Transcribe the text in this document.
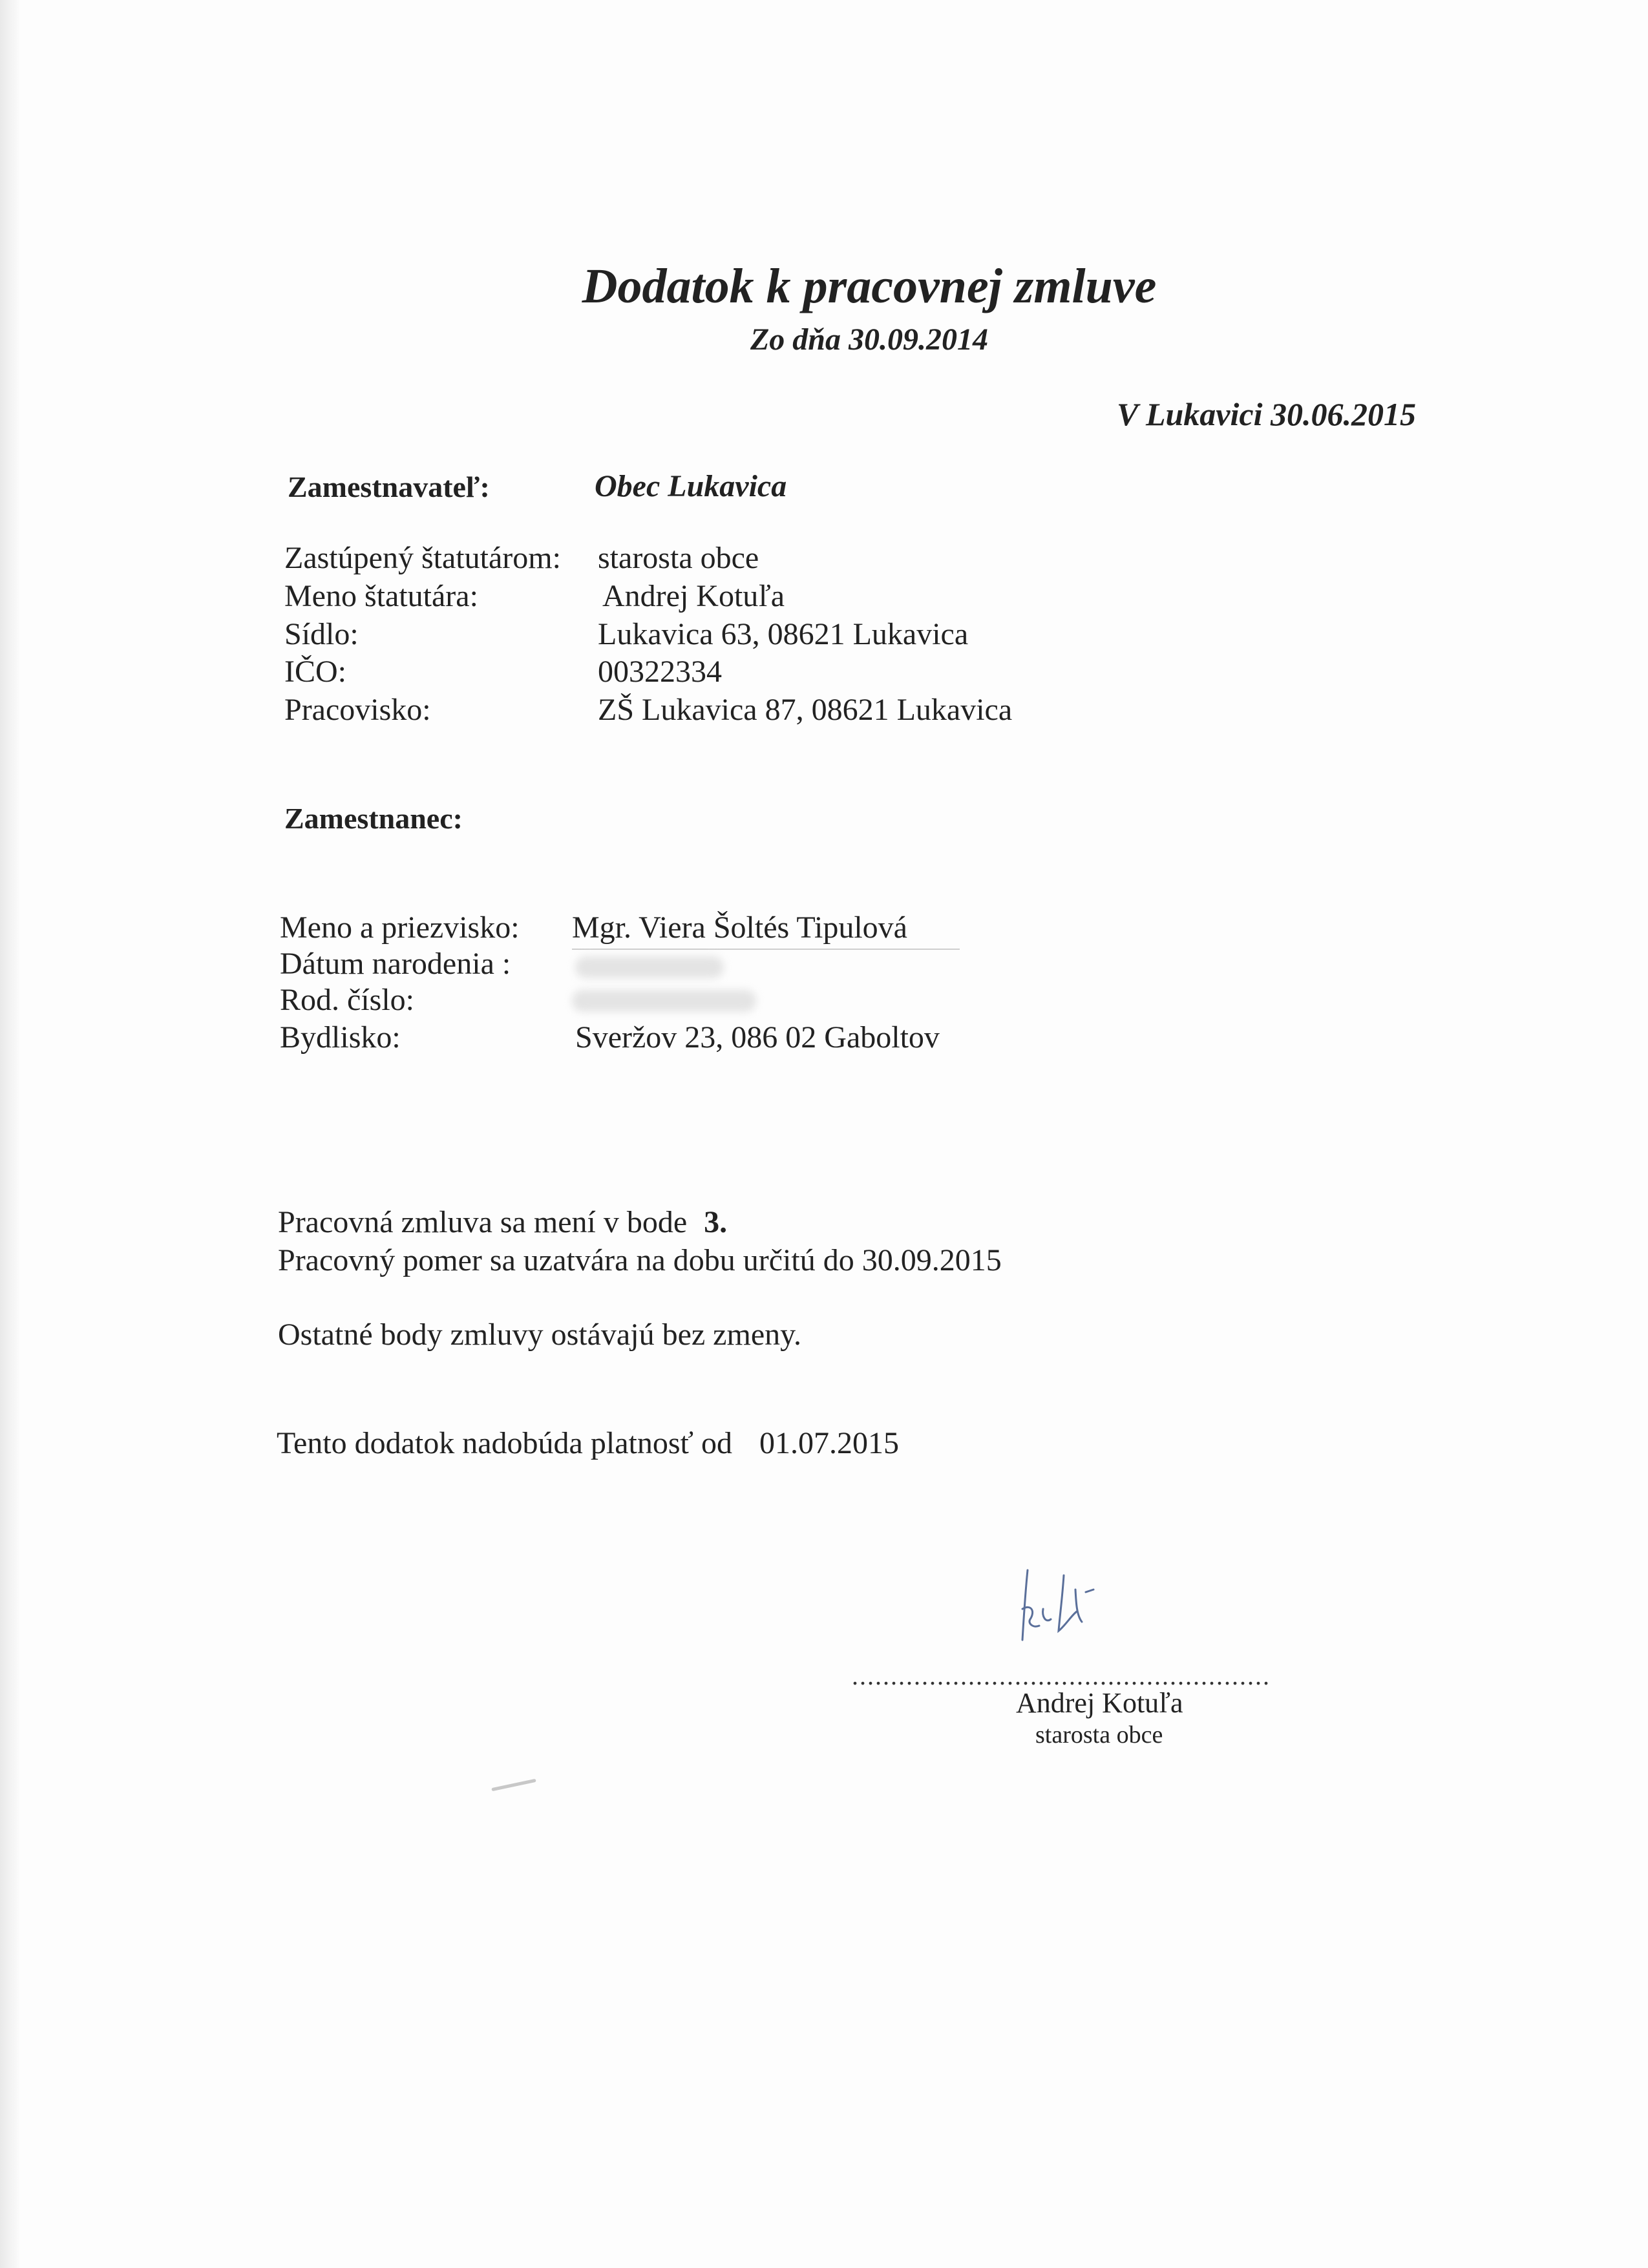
Dodatok k pracovnej zmluve
Zo dňa 30.09.2014
V Lukavici 30.06.2015
Zamestnavateľ:	Obec Lukavica
Zastúpený štatutárom: starosta obce
Meno štatutára:	Andrej Kotuľa
Sídlo:	Lukavica 63, 08621 Lukavica
IČO:	00322334
Pracovisko:	ZŠ Lukavica 87, 08621 Lukavica
Zamestnanec:
Meno a priezvisko: Mgr. Viera Šoltés Tipulová
Dátum narodenia :
Rod. číslo:
Bydlisko:	Sveržov 23, 086 02 Gaboltov
Pracovná zmluva sa mení v bode 3.
Pracovný pomer sa uzatvára na dobu určitú do 30.09.2015
Ostatné body zmluvy ostávajú bez zmeny.
Tento dodatok nadobúda platnosť od 01.07.2015
......................................................
Andrej Kotuľa
starosta obce
